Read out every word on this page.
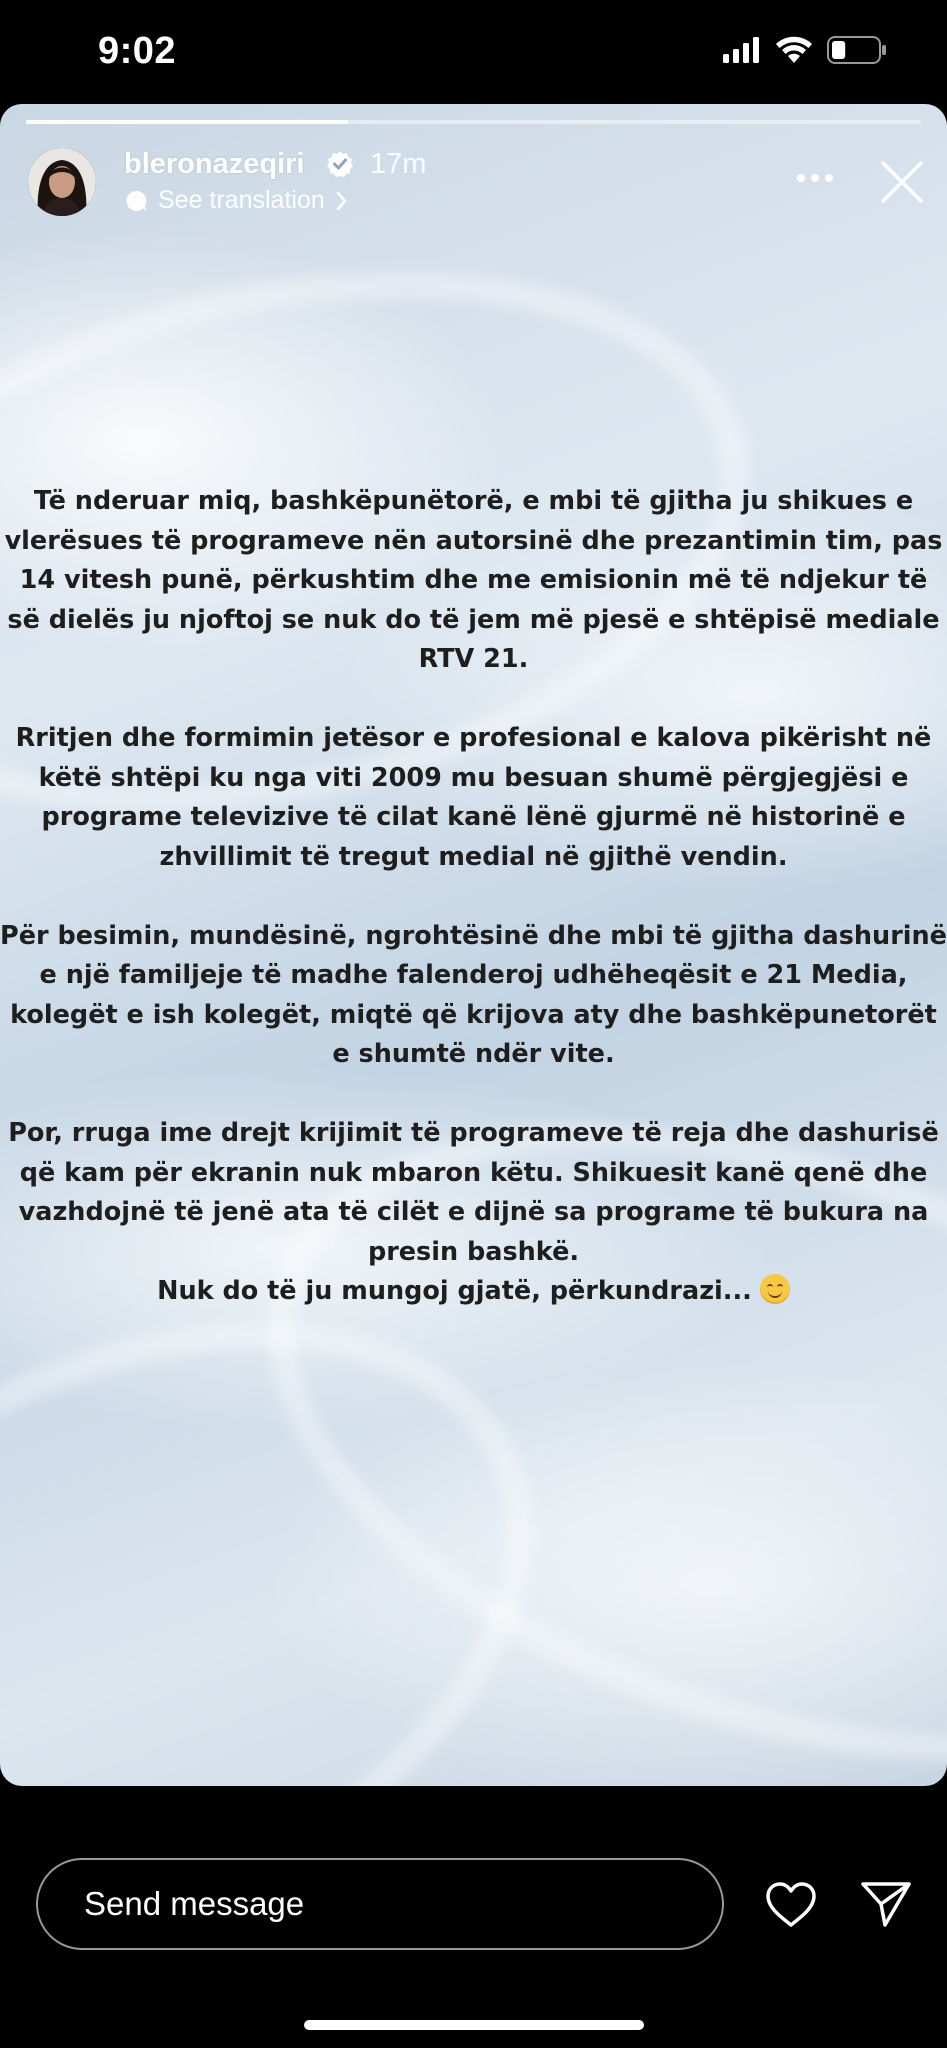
9:02
bleronazeqiri 17m
See translation

Të nderuar miq, bashkëpunëtorë, e mbi të gjitha ju shikues e vlerësues të programeve nën autorsinë dhe prezantimin tim, pas 14 vitesh punë, përkushtim dhe me emisionin më të ndjekur të së dielës ju njoftoj se nuk do të jem më pjesë e shtëpisë mediale RTV 21.

Rritjen dhe formimin jetësor e profesional e kalova pikërisht në këtë shtëpi ku nga viti 2009 mu besuan shumë përgjegjësi e programe televizive të cilat kanë lënë gjurmë në historinë e zhvillimit të tregut medial në gjithë vendin.

Për besimin, mundësinë, ngrohtësinë dhe mbi të gjitha dashurinë e një familjeje të madhe falenderoj udhëheqësit e 21 Media, kolegët e ish kolegët, miqtë që krijova aty dhe bashkëpunetorët e shumtë ndër vite.

Por, rruga ime drejt krijimit të programeve të reja dhe dashurisë që kam për ekranin nuk mbaron këtu. Shikuesit kanë qenë dhe vazhdojnë të jenë ata të cilët e dijnë sa programe të bukura na presin bashkë.
Nuk do të ju mungoj gjatë, përkundrazi...

Send message
